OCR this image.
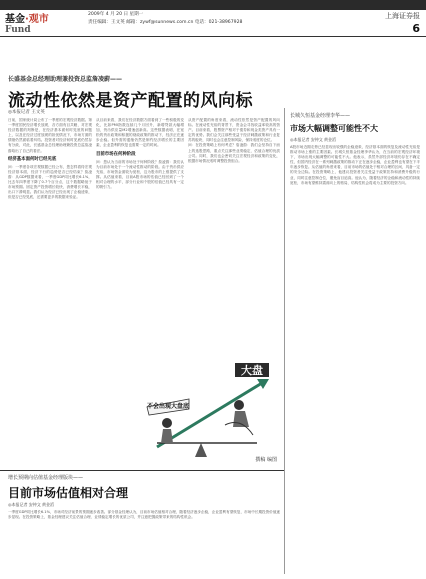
基金·观市	2009年 4 月 20 日 星期一
责任编辑：王文英 邮箱：zywf@sunnews.com.cn 电话：021-38967928
Fund
上海证券报
6
长盛基金总经理助理兼投资总监詹凌蔚——
流动性依然是资产配置的风向标
◎本报记者 王文英
日前，国家统计局公布了一季度的宏观经济数据。第一季度国民经济增长放缓，各方面有目共睹，对宏观经济数据的判断是，在经济基本面何时见底的问题上，以及在经济过度放缓的担忧情况下，市场方面的情绪仍然面临着纠结。投资者对经济何时见底仍然存有分歧，对此，长盛基金总经理助理兼投资总监詹凌蔚给出了自己的看法。
经济基本面何时已经见底
问：一季度各项宏观数据已经公布，您怎样看待宏观经济基本面，经济下行的趋势是否已经结束？詹凌蔚：从GDP数据来看，一季度GDP同比增长6.1%，比去年四季度下降了0.7个百分点，这个数据略低于市场预期。固定资产投资增长较快，消费增长平稳，出口下滑明显。我们认为经济已经出现了企稳迹象，但是否已经见底，还需要更多的数据来验证。
从目前来看，我们在经济数据方面看到了一些积极的变化，比如PMI指数连续几个月回升，新增贷款大幅增加，货币供应量M2增速创新高。这些数据表明，在宽松的货币政策和积极的财政政策的推动下，经济正在逐步企稳。但外需的萎缩仍然是制约经济增长的主要因素，企业盈利的恢复也需要一定的时间。
目前市场在何种阶段
问：您认为当前的市场处于何种阶段？詹凌蔚：我们认为目前市场处于一个流动性推动的阶段。由于货币供应充裕，市场资金面较为宽松，这为股市的上涨提供了支撑。从估值来看，目前A股市场的估值已经回到了一个相对合理的水平，部分行业和个股的估值已经具有一定的吸引力。
从资产配置的角度来看，流动性依然是资产配置的风向标。在流动性充裕的背景下，资金会寻找收益率较高的资产。目前来看，股票资产相对于债券和现金类资产具有一定的优势。我们会关注那些受益于经济刺激政策和行业复苏的板块，同时也会注意控制风险，保持适度的仓位。
问：在投资策略上有何考虑？詹凌蔚：我们会坚持自下而上的选股思路，重点关注那些业绩稳定、估值合理的优质公司。同时，我们也会密切关注宏观经济和政策的变化，根据市场情况适时调整投资组合。
大盘
不会出现大盘底
撰稿 编图
长城久恒基金经理李华——
市场大幅调整可能性不大
◎本报记者 安仲文 黄金滔
A股市场近期走势已经显现出较强的企稳迹象，经济基本面的恢复及流动性充裕是推动市场上涨的主要因素。长城久恒基金经理李华认为，在当前的宏观经济环境下，市场出现大幅调整的可能性不大。他表示，虽然外部经济环境仍存在不确定性，但国内经济在一系列刺激政策的推动下正在逐步企稳，企业盈利也有望在下半年逐步恢复。从估值的角度来看，目前市场的估值处于相对合理的区间，具备一定的安全边际。在投资策略上，他建议投资者关注受益于政策扶持和消费升级的行业，同时注意控制仓位，避免盲目追高。他认为，随着经济的企稳和流动性的持续宽松，市场有望维持震荡向上的格局，结构性机会将成为主要的投资方向。
增长预期向估值基金经理版块——
目前市场估值相对合理
◎本报记者 安仲文 黄金滔
一季度GDP同比增长6.1%，市场对经济前景的预期逐步改善。部分基金经理认为，目前市场估值相对合理，随着经济逐步企稳，企业盈利有望恢复，市场中长期投资价值逐步显现。在投资策略上，基金经理建议关注估值合理、业绩稳定增长的优质公司，并注意把握政策带来的结构性机会。
